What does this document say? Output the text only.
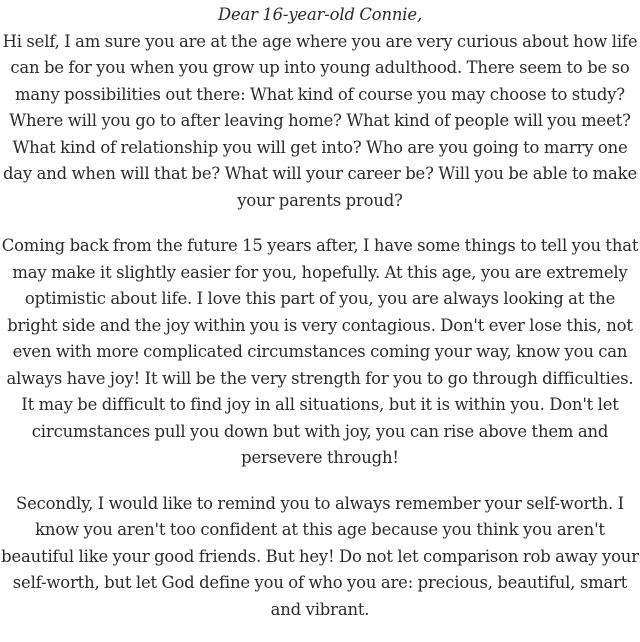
Dear 16-year-old Connie,

Hi self, I am sure you are at the age where you are very curious about how life can be for you when you grow up into young adulthood. There seem to be so many possibilities out there: What kind of course you may choose to study? Where will you go to after leaving home? What kind of people will you meet? What kind of relationship you will get into? Who are you going to marry one day and when will that be? What will your career be? Will you be able to make your parents proud?

Coming back from the future 15 years after, I have some things to tell you that may make it slightly easier for you, hopefully. At this age, you are extremely optimistic about life. I love this part of you, you are always looking at the bright side and the joy within you is very contagious. Don't ever lose this, not even with more complicated circumstances coming your way, know you can always have joy! It will be the very strength for you to go through difficulties. It may be difficult to find joy in all situations, but it is within you. Don't let circumstances pull you down but with joy, you can rise above them and persevere through!

Secondly, I would like to remind you to always remember your self-worth. I know you aren't too confident at this age because you think you aren't beautiful like your good friends. But hey! Do not let comparison rob away your self-worth, but let God define you of who you are: precious, beautiful, smart and vibrant.
